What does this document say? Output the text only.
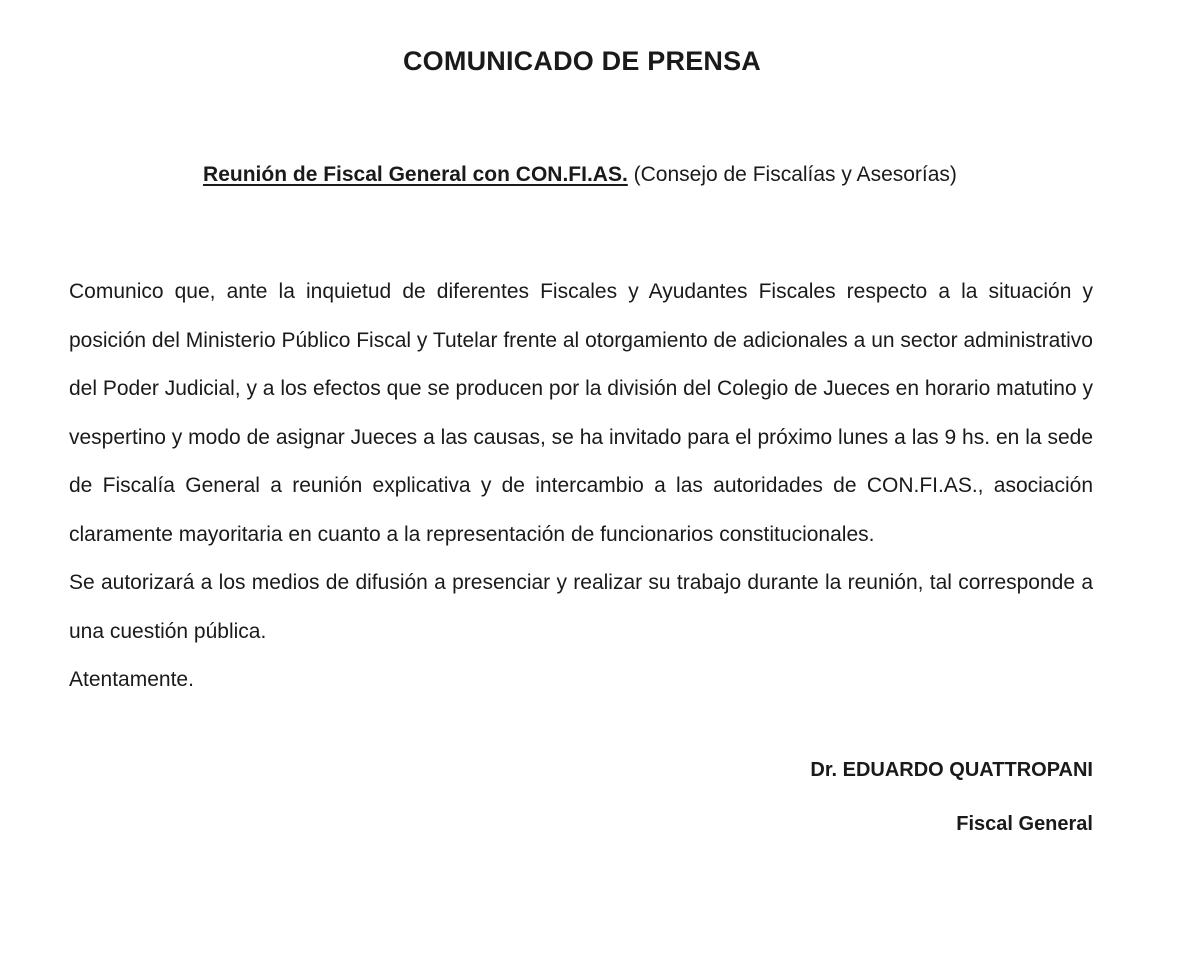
COMUNICADO DE PRENSA
Reunión de Fiscal General con CON.FI.AS. (Consejo de Fiscalías y Asesorías)

Comunico que, ante la inquietud de diferentes Fiscales y Ayudantes Fiscales respecto a la situación y posición del Ministerio Público Fiscal y Tutelar frente al otorgamiento de adicionales a un sector administrativo del Poder Judicial, y a los efectos que se producen por la división del Colegio de Jueces en horario matutino y vespertino y modo de asignar Jueces a las causas, se ha invitado para el próximo lunes a las 9 hs. en la sede de Fiscalía General a reunión explicativa y de intercambio a las autoridades de CON.FI.AS., asociación claramente mayoritaria en cuanto a la representación de funcionarios constitucionales.

Se autorizará a los medios de difusión a presenciar y realizar su trabajo durante la reunión, tal corresponde a una cuestión pública.

Atentamente.

Dr. EDUARDO QUATTROPANI
Fiscal General
